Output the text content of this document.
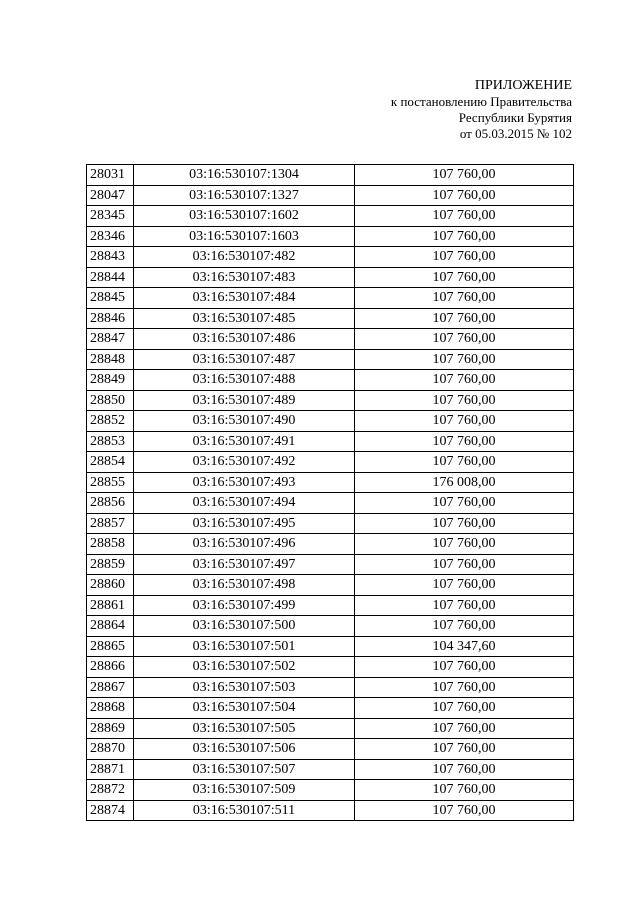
ПРИЛОЖЕНИЕ
к постановлению Правительства
Республики Бурятия
от 05.03.2015 № 102
28031	03:16:530107:1304	107 760,00
28047	03:16:530107:1327	107 760,00
28345	03:16:530107:1602	107 760,00
28346	03:16:530107:1603	107 760,00
28843	03:16:530107:482	107 760,00
28844	03:16:530107:483	107 760,00
28845	03:16:530107:484	107 760,00
28846	03:16:530107:485	107 760,00
28847	03:16:530107:486	107 760,00
28848	03:16:530107:487	107 760,00
28849	03:16:530107:488	107 760,00
28850	03:16:530107:489	107 760,00
28852	03:16:530107:490	107 760,00
28853	03:16:530107:491	107 760,00
28854	03:16:530107:492	107 760,00
28855	03:16:530107:493	176 008,00
28856	03:16:530107:494	107 760,00
28857	03:16:530107:495	107 760,00
28858	03:16:530107:496	107 760,00
28859	03:16:530107:497	107 760,00
28860	03:16:530107:498	107 760,00
28861	03:16:530107:499	107 760,00
28864	03:16:530107:500	107 760,00
28865	03:16:530107:501	104 347,60
28866	03:16:530107:502	107 760,00
28867	03:16:530107:503	107 760,00
28868	03:16:530107:504	107 760,00
28869	03:16:530107:505	107 760,00
28870	03:16:530107:506	107 760,00
28871	03:16:530107:507	107 760,00
28872	03:16:530107:509	107 760,00
28874	03:16:530107:511	107 760,00
